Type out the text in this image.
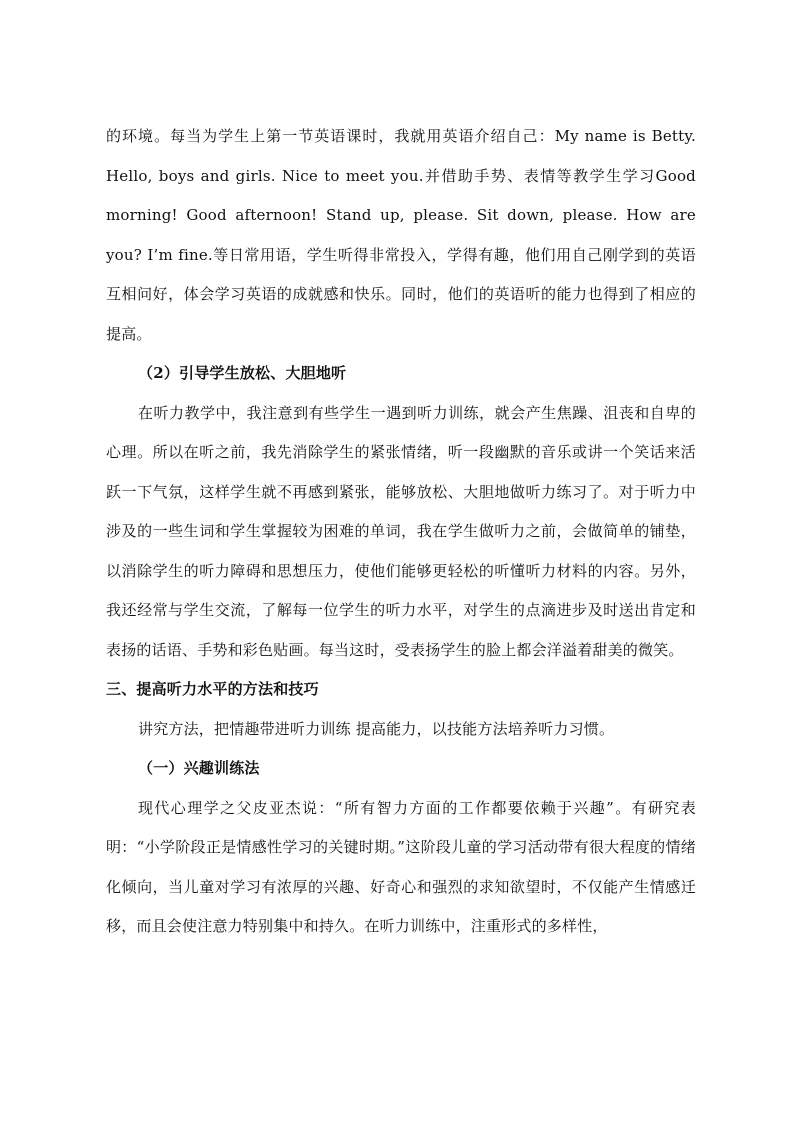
的环境。每当为学生上第一节英语课时，我就用英语介绍自己：My name is Betty. Hello, boys and girls. Nice to meet you.并借助手势、表情等教学生学习Good morning! Good afternoon! Stand up, please. Sit down, please. How are you? I’m fine.等日常用语，学生听得非常投入，学得有趣，他们用自己刚学到的英语互相问好，体会学习英语的成就感和快乐。同时，他们的英语听的能力也得到了相应的提高。

（2）引导学生放松、大胆地听

在听力教学中，我注意到有些学生一遇到听力训练，就会产生焦躁、沮丧和自卑的心理。所以在听之前，我先消除学生的紧张情绪，听一段幽默的音乐或讲一个笑话来活跃一下气氛，这样学生就不再感到紧张，能够放松、大胆地做听力练习了。对于听力中涉及的一些生词和学生掌握较为困难的单词，我在学生做听力之前，会做简单的铺垫，以消除学生的听力障碍和思想压力，使他们能够更轻松的听懂听力材料的内容。另外，我还经常与学生交流，了解每一位学生的听力水平，对学生的点滴进步及时送出肯定和表扬的话语、手势和彩色贴画。每当这时，受表扬学生的脸上都会洋溢着甜美的微笑。

三、提高听力水平的方法和技巧

讲究方法，把情趣带进听力训练 提高能力，以技能方法培养听力习惯。

（一）兴趣训练法

现代心理学之父皮亚杰说：“所有智力方面的工作都要依赖于兴趣”。有研究表明：“小学阶段正是情感性学习的关键时期。”这阶段儿童的学习活动带有很大程度的情绪化倾向，当儿童对学习有浓厚的兴趣、好奇心和强烈的求知欲望时，不仅能产生情感迁移，而且会使注意力特别集中和持久。在听力训练中，注重形式的多样性，
